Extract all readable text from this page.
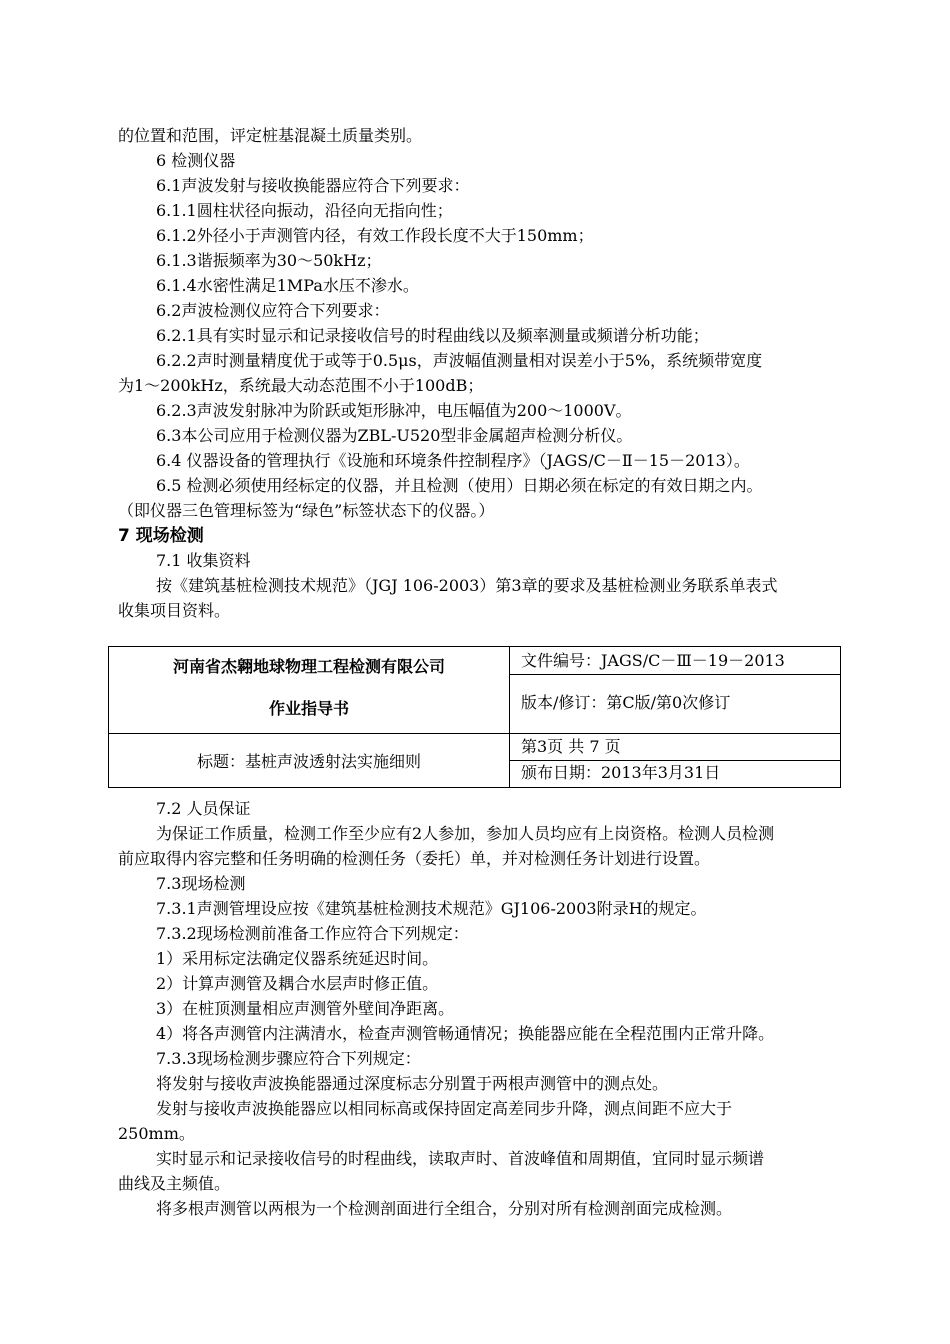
的位置和范围，评定桩基混凝土质量类别。
6 检测仪器
6.1声波发射与接收换能器应符合下列要求：
6.1.1圆柱状径向振动，沿径向无指向性；
6.1.2外径小于声测管内径，有效工作段长度不大于150mm；
6.1.3谐振频率为30～50kHz；
6.1.4水密性满足1MPa水压不渗水。
6.2声波检测仪应符合下列要求：
6.2.1具有实时显示和记录接收信号的时程曲线以及频率测量或频谱分析功能；
6.2.2声时测量精度优于或等于0.5μs，声波幅值测量相对误差小于5%，系统频带宽度
为1～200kHz，系统最大动态范围不小于100dB；
6.2.3声波发射脉冲为阶跃或矩形脉冲，电压幅值为200～1000V。
6.3本公司应用于检测仪器为ZBL-U520型非金属超声检测分析仪。
6.4 仪器设备的管理执行《设施和环境条件控制程序》（JAGS/C－Ⅱ－15－2013）。
6.5 检测必须使用经标定的仪器，并且检测（使用）日期必须在标定的有效日期之内。
（即仪器三色管理标签为“绿色”标签状态下的仪器。）
7 现场检测
7.1 收集资料
按《建筑基桩检测技术规范》（JGJ 106-2003）第3章的要求及基桩检测业务联系单表式
收集项目资料。
河南省杰翱地球物理工程检测有限公司
作业指导书
标题：基桩声波透射法实施细则
文件编号：JAGS/C－Ⅲ－19－2013
版本/修订：第C版/第0次修订
第3页 共 7 页
颁布日期：2013年3月31日
7.2 人员保证
为保证工作质量，检测工作至少应有2人参加，参加人员均应有上岗资格。检测人员检测
前应取得内容完整和任务明确的检测任务（委托）单，并对检测任务计划进行设置。
7.3现场检测
7.3.1声测管埋设应按《建筑基桩检测技术规范》GJ106-2003附录H的规定。
7.3.2现场检测前准备工作应符合下列规定：
1）采用标定法确定仪器系统延迟时间。
2）计算声测管及耦合水层声时修正值。
3）在桩顶测量相应声测管外壁间净距离。
4）将各声测管内注满清水，检查声测管畅通情况；换能器应能在全程范围内正常升降。
7.3.3现场检测步骤应符合下列规定：
将发射与接收声波换能器通过深度标志分别置于两根声测管中的测点处。
发射与接收声波换能器应以相同标高或保持固定高差同步升降，测点间距不应大于
250mm。
实时显示和记录接收信号的时程曲线，读取声时、首波峰值和周期值，宜同时显示频谱
曲线及主频值。
将多根声测管以两根为一个检测剖面进行全组合，分别对所有检测剖面完成检测。
